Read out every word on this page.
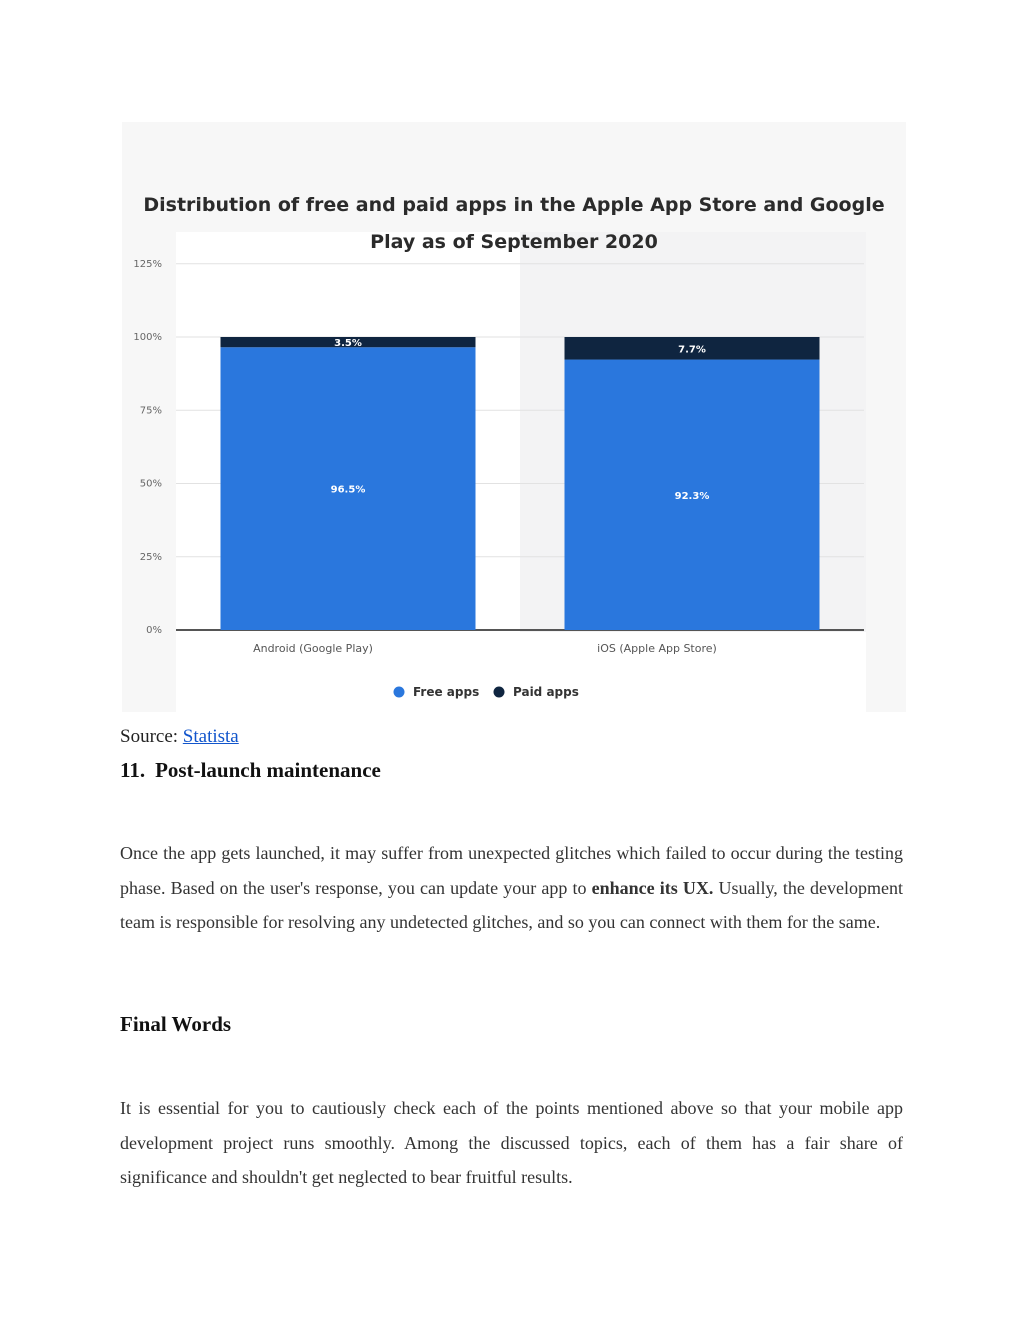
Distribution of free and paid apps in the Apple App Store and Google
Play as of September 2020
0%
25%
50%
75%
100%
125%
96.5%
3.5%
Android (Google Play)
92.3%
7.7%
iOS (Apple App Store)
Free apps	Paid apps
Source: Statista
11. Post-launch maintenance

Once the app gets launched, it may suffer from unexpected glitches which failed to occur during the testing phase. Based on the user's response, you can update your app to enhance its UX. Usually, the development team is responsible for resolving any undetected glitches, and so you can connect with them for the same.

Final Words

It is essential for you to cautiously check each of the points mentioned above so that your mobile app development project runs smoothly. Among the discussed topics, each of them has a fair share of significance and shouldn't get neglected to bear fruitful results.
